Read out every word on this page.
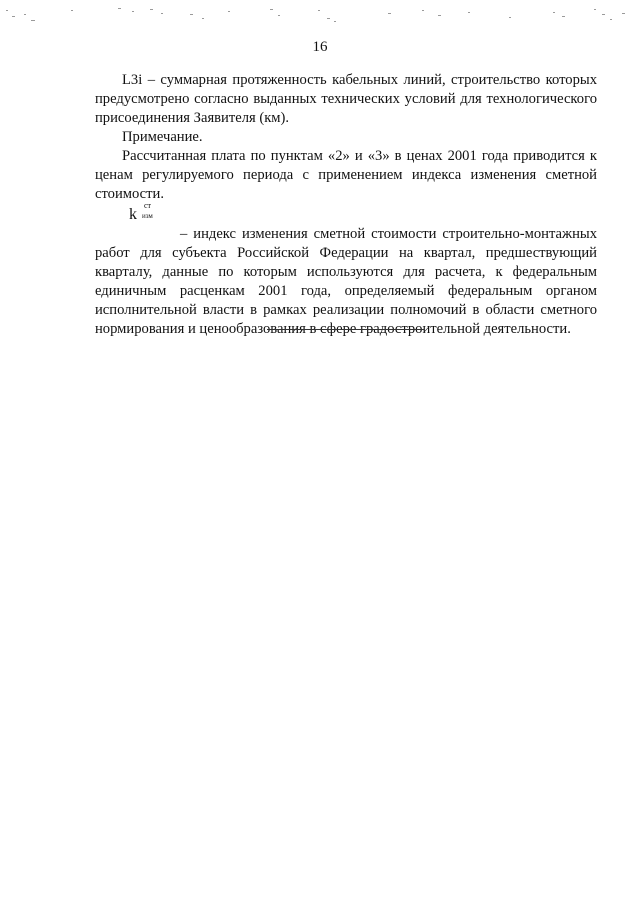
16

L3i – суммарная протяженность кабельных линий, строительство которых предусмотрено согласно выданных технических условий для технологического присоединения Заявителя (км).

Примечание.

Рассчитанная плата по пунктам «2» и «3» в ценах 2001 года приводится к ценам регулируемого периода с применением индекса изменения сметной стоимости.

k
ст
изм

– индекс изменения сметной стоимости строительно-монтажных работ для субъекта Российской Федерации на квартал, предшествующий кварталу, данные по которым используются для расчета, к федеральным единичным расценкам 2001 года, определяемый федеральным органом исполнительной власти в рамках реализации полномочий в области сметного нормирования и ценообразования в сфере градостроительной деятельности.
